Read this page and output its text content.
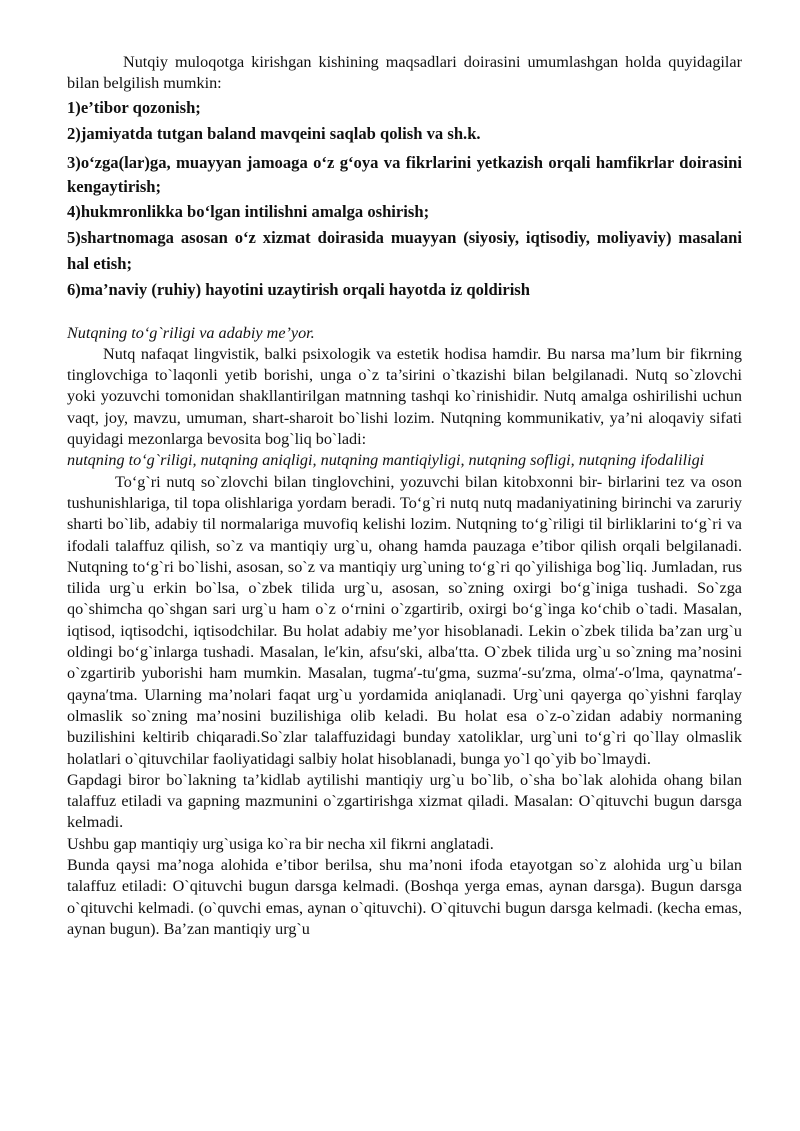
Nutqiy muloqotga kirishgan kishining maqsadlari doirasini umumlashgan holda quyidagilar bilan belgilish mumkin:

1)e’tibor qozonish;

2)jamiyatda tutgan baland mavqeini saqlab qolish va sh.k.

3)o‘zga(lar)ga, muayyan jamoaga o‘z g‘oya va fikrlarini yetkazish orqali hamfikrlar doirasini kengaytirish;

4)hukmronlikka bo‘lgan intilishni amalga oshirish;

5)shartnomaga asosan o‘z xizmat doirasida muayyan (siyosiy, iqtisodiy, moliyaviy) masalani hal etish;

6)ma’naviy (ruhiy) hayotini uzaytirish orqali hayotda iz qoldirish

Nutqning to‘g`riligi va adabiy me’yor.

Nutq nafaqat lingvistik, balki psixologik va estetik hodisa hamdir. Bu narsa ma’lum bir fikrning tinglovchiga to`laqonli yetib borishi, unga o`z ta’sirini o`tkazishi bilan belgilanadi. Nutq so`zlovchi yoki yozuvchi tomonidan shakllantirilgan matnning tashqi ko`rinishidir. Nutq amalga oshirilishi uchun vaqt, joy, mavzu, umuman, shart-sharoit bo`lishi lozim. Nutqning kommunikativ, ya’ni aloqaviy sifati quyidagi mezonlarga bevosita bog`liq bo`ladi:

nutqning to‘g`riligi, nutqning aniqligi, nutqning mantiqiyligi, nutqning sofligi, nutqning ifodaliligi

To‘g`ri nutq so`zlovchi bilan tinglovchini, yozuvchi bilan kitobxonni bir- birlarini tez va oson tushunishlariga, til topa olishlariga yordam beradi. To‘g`ri nutq nutq madaniyatining birinchi va zaruriy sharti bo`lib, adabiy til normalariga muvofiq kelishi lozim. Nutqning to‘g`riligi til birliklarini to‘g`ri va ifodali talaffuz qilish, so`z va mantiqiy urg`u, ohang hamda pauzaga e’tibor qilish orqali belgilanadi. Nutqning to‘g`ri bo`lishi, asosan, so`z va mantiqiy urg`uning to‘g`ri qo`yilishiga bog`liq. Jumladan, rus tilida urg`u erkin bo`lsa, o`zbek tilida urg`u, asosan, so`zning oxirgi bo‘g`iniga tushadi. So`zga qo`shimcha qo`shgan sari urg`u ham o`z o‘rnini o`zgartirib, oxirgi bo‘g`inga ko‘chib o`tadi. Masalan, iqtisod, iqtisodchi, iqtisodchilar. Bu holat adabiy me’yor hisoblanadi. Lekin o`zbek tilida ba’zan urg`u oldingi bo‘g`inlarga tushadi. Masalan, le′kin, afsu′ski, alba′tta. O`zbek tilida urg`u so`zning ma’nosini o`zgartirib yuborishi ham mumkin. Masalan, tugma′-tu′gma, suzma′-su′zma, olma′-o′lma, qaynatma′-qayna′tma. Ularning ma’nolari faqat urg`u yordamida aniqlanadi. Urg`uni qayerga qo`yishni farqlay olmaslik so`zning ma’nosini buzilishiga olib keladi. Bu holat esa o`z-o`zidan adabiy normaning buzilishini keltirib chiqaradi.So`zlar talaffuzidagi bunday xatoliklar, urg`uni to‘g`ri qo`llay olmaslik holatlari o`qituvchilar faoliyatidagi salbiy holat hisoblanadi, bunga yo`l qo`yib bo`lmaydi.

Gapdagi biror bo`lakning ta’kidlab aytilishi mantiqiy urg`u bo`lib, o`sha bo`lak alohida ohang bilan talaffuz etiladi va gapning mazmunini o`zgartirishga xizmat qiladi. Masalan: O`qituvchi bugun darsga kelmadi.

Ushbu gap mantiqiy urg`usiga ko`ra bir necha xil fikrni anglatadi.

Bunda qaysi ma’noga alohida e’tibor berilsa, shu ma’noni ifoda etayotgan so`z alohida urg`u bilan talaffuz etiladi: O`qituvchi bugun darsga kelmadi. (Boshqa yerga emas, aynan darsga). Bugun darsga o`qituvchi kelmadi. (o`quvchi emas, aynan o`qituvchi). O`qituvchi bugun darsga kelmadi. (kecha emas, aynan bugun). Ba’zan mantiqiy urg`u
